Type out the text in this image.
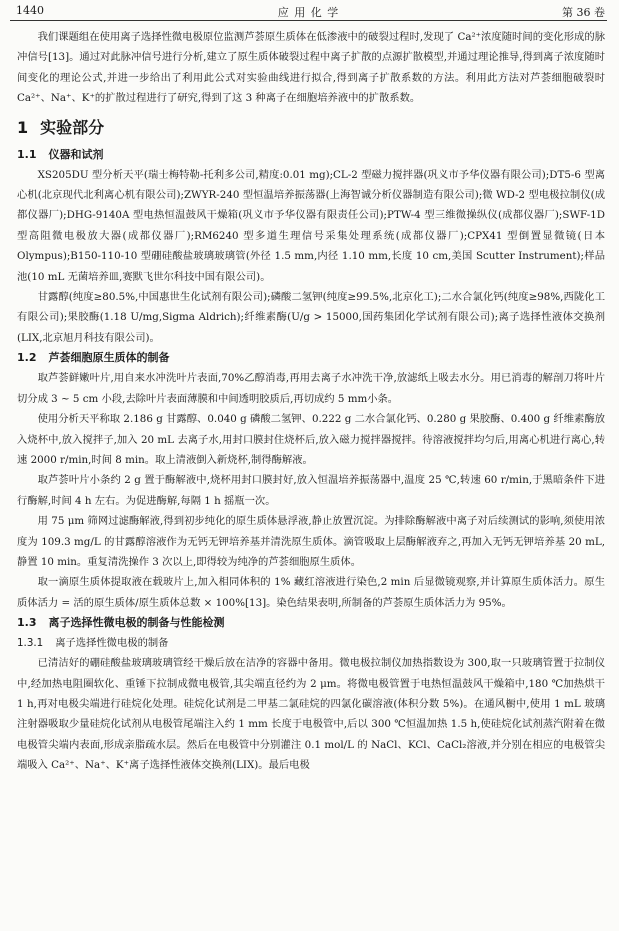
1440	应 用 化 学	第 36 卷

我们课题组在使用离子选择性微电极原位监测芦荟原生质体在低渗液中的破裂过程时,发现了 Ca²⁺浓度随时间的变化形成的脉冲信号[13]。通过对此脉冲信号进行分析,建立了原生质体破裂过程中离子扩散的点源扩散模型,并通过理论推导,得到离子浓度随时间变化的理论公式,并进一步给出了利用此公式对实验曲线进行拟合,得到离子扩散系数的方法。利用此方法对芦荟细胞破裂时 Ca²⁺、Na⁺、K⁺的扩散过程进行了研究,得到了这 3 种离子在细胞培养液中的扩散系数。

1 实验部分
1.1 仪器和试剂

XS205DU 型分析天平(瑞士梅特勒-托利多公司,精度:0.01 mg);CL-2 型磁力搅拌器(巩义市予华仪器有限公司);DT5-6 型离心机(北京现代北利离心机有限公司);ZWYR-240 型恒温培养振荡器(上海智诚分析仪器制造有限公司);微 WD-2 型电极拉制仪(成都仪器厂);DHG-9140A 型电热恒温鼓风干燥箱(巩义市予华仪器有限责任公司);PTW-4 型三维微操纵仪(成都仪器厂);SWF-1D 型高阻微电极放大器(成都仪器厂);RM6240 型多道生理信号采集处理系统(成都仪器厂);CPX41 型倒置显微镜(日本 Olympus);B150-110-10 型硼硅酸盐玻璃玻璃管(外径 1.5 mm,内径 1.10 mm,长度 10 cm,美国 Scutter Instrument);样品池(10 mL 无菌培养皿,赛默飞世尔科技中国有限公司)。

甘露醇(纯度≥80.5%,中国惠世生化试剂有限公司);磷酸二氢钾(纯度≥99.5%,北京化工);二水合氯化钙(纯度≥98%,西陇化工有限公司);果胶酶(1.18 U/mg,Sigma Aldrich);纤维素酶(U/g > 15000,国药集团化学试剂有限公司);离子选择性液体交换剂(LIX,北京旭月科技有限公司)。

1.2 芦荟细胞原生质体的制备

取芦荟鲜嫩叶片,用自来水冲洗叶片表面,70%乙醇消毒,再用去离子水冲洗干净,放滤纸上吸去水分。用已消毒的解剖刀将叶片切分成 3 ~ 5 cm 小段,去除叶片表面薄膜和中间透明胶质后,再切成约 5 mm小条。

使用分析天平称取 2.186 g 甘露醇、0.040 g 磷酸二氢钾、0.222 g 二水合氯化钙、0.280 g 果胶酶、0.400 g 纤维素酶放入烧杯中,放入搅拌子,加入 20 mL 去离子水,用封口膜封住烧杯后,放入磁力搅拌器搅拌。待溶液搅拌均匀后,用离心机进行离心,转速 2000 r/min,时间 8 min。取上清液倒入新烧杯,制得酶解液。

取芦荟叶片小条约 2 g 置于酶解液中,烧杯用封口膜封好,放入恒温培养振荡器中,温度 25 ℃,转速 60 r/min,于黑暗条件下进行酶解,时间 4 h 左右。为促进酶解,每隔 1 h 摇瓶一次。

用 75 μm 筛网过滤酶解液,得到初步纯化的原生质体悬浮液,静止放置沉淀。为排除酶解液中离子对后续测试的影响,须使用浓度为 109.3 mg/L 的甘露醇溶液作为无钙无钾培养基并清洗原生质体。滴管吸取上层酶解液弃之,再加入无钙无钾培养基 20 mL,静置 10 min。重复清洗操作 3 次以上,即得较为纯净的芦荟细胞原生质体。

取一滴原生质体提取液在载玻片上,加入相同体积的 1% 藏红溶液进行染色,2 min 后显微镜观察,并计算原生质体活力。原生质体活力 = 活的原生质体/原生质体总数 × 100%[13]。染色结果表明,所制备的芦荟原生质体活力为 95%。

1.3 离子选择性微电极的制备与性能检测
1.3.1 离子选择性微电极的制备

已清洁好的硼硅酸盐玻璃玻璃管经干燥后放在洁净的容器中备用。微电极拉制仪加热指数设为 300,取一只玻璃管置于拉制仪中,经加热电阻圈软化、重锤下拉制成微电极管,其尖端直径约为 2 μm。将微电极管置于电热恒温鼓风干燥箱中,180 ℃加热烘干 1 h,再对电极尖端进行硅烷化处理。硅烷化试剂是二甲基二氯硅烷的四氯化碳溶液(体积分数 5%)。在通风橱中,使用 1 mL 玻璃注射器吸取少量硅烷化试剂从电极管尾端注入约 1 mm 长度于电极管中,后以 300 ℃恒温加热 1.5 h,使硅烷化试剂蒸汽附着在微电极管尖端内表面,形成亲脂疏水层。然后在电极管中分别灌注 0.1 mol/L 的 NaCl、KCl、CaCl₂溶液,并分别在相应的电极管尖端吸入 Ca²⁺、Na⁺、K⁺离子选择性液体交换剂(LIX)。最后电极
